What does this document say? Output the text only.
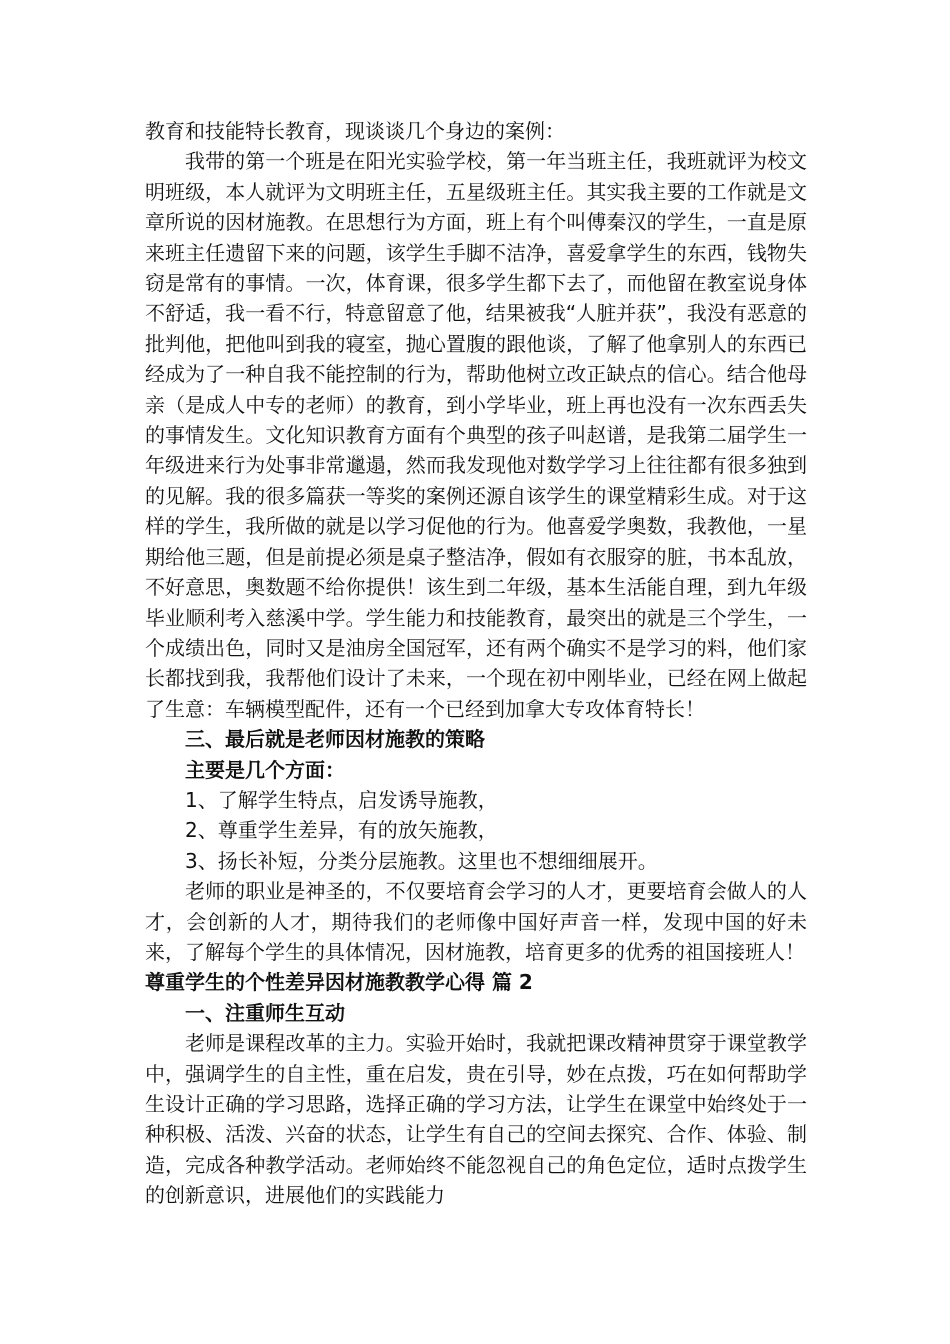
教育和技能特长教育，现谈谈几个身边的案例：

我带的第一个班是在阳光实验学校，第一年当班主任，我班就评为校文明班级，本人就评为文明班主任，五星级班主任。其实我主要的工作就是文章所说的因材施教。在思想行为方面，班上有个叫傅秦汉的学生，一直是原来班主任遗留下来的问题，该学生手脚不洁净，喜爱拿学生的东西，钱物失窃是常有的事情。一次，体育课，很多学生都下去了，而他留在教室说身体不舒适，我一看不行，特意留意了他，结果被我“人脏并获”，我没有恶意的批判他，把他叫到我的寝室，抛心置腹的跟他谈，了解了他拿别人的东西已经成为了一种自我不能控制的行为，帮助他树立改正缺点的信心。结合他母亲（是成人中专的老师）的教育，到小学毕业，班上再也没有一次东西丢失的事情发生。文化知识教育方面有个典型的孩子叫赵谱，是我第二届学生一年级进来行为处事非常邋遢，然而我发现他对数学学习上往往都有很多独到的见解。我的很多篇获一等奖的案例还源自该学生的课堂精彩生成。对于这样的学生，我所做的就是以学习促他的行为。他喜爱学奥数，我教他，一星期给他三题，但是前提必须是桌子整洁净，假如有衣服穿的脏，书本乱放，不好意思，奥数题不给你提供！该生到二年级，基本生活能自理，到九年级毕业顺利考入慈溪中学。学生能力和技能教育，最突出的就是三个学生，一个成绩出色，同时又是油房全国冠军，还有两个确实不是学习的料，他们家长都找到我，我帮他们设计了未来，一个现在初中刚毕业，已经在网上做起了生意：车辆模型配件，还有一个已经到加拿大专攻体育特长！

三、最后就是老师因材施教的策略

主要是几个方面：

1、了解学生特点，启发诱导施教，

2、尊重学生差异，有的放矢施教，

3、扬长补短，分类分层施教。这里也不想细细展开。

老师的职业是神圣的，不仅要培育会学习的人才，更要培育会做人的人才，会创新的人才，期待我们的老师像中国好声音一样，发现中国的好未来，了解每个学生的具体情况，因材施教，培育更多的优秀的祖国接班人！

尊重学生的个性差异因材施教教学心得 篇 2

一、注重师生互动

老师是课程改革的主力。实验开始时，我就把课改精神贯穿于课堂教学中，强调学生的自主性，重在启发，贵在引导，妙在点拨，巧在如何帮助学生设计正确的学习思路，选择正确的学习方法，让学生在课堂中始终处于一种积极、活泼、兴奋的状态，让学生有自己的空间去探究、合作、体验、制造，完成各种教学活动。老师始终不能忽视自己的角色定位，适时点拨学生的创新意识，进展他们的实践能力
